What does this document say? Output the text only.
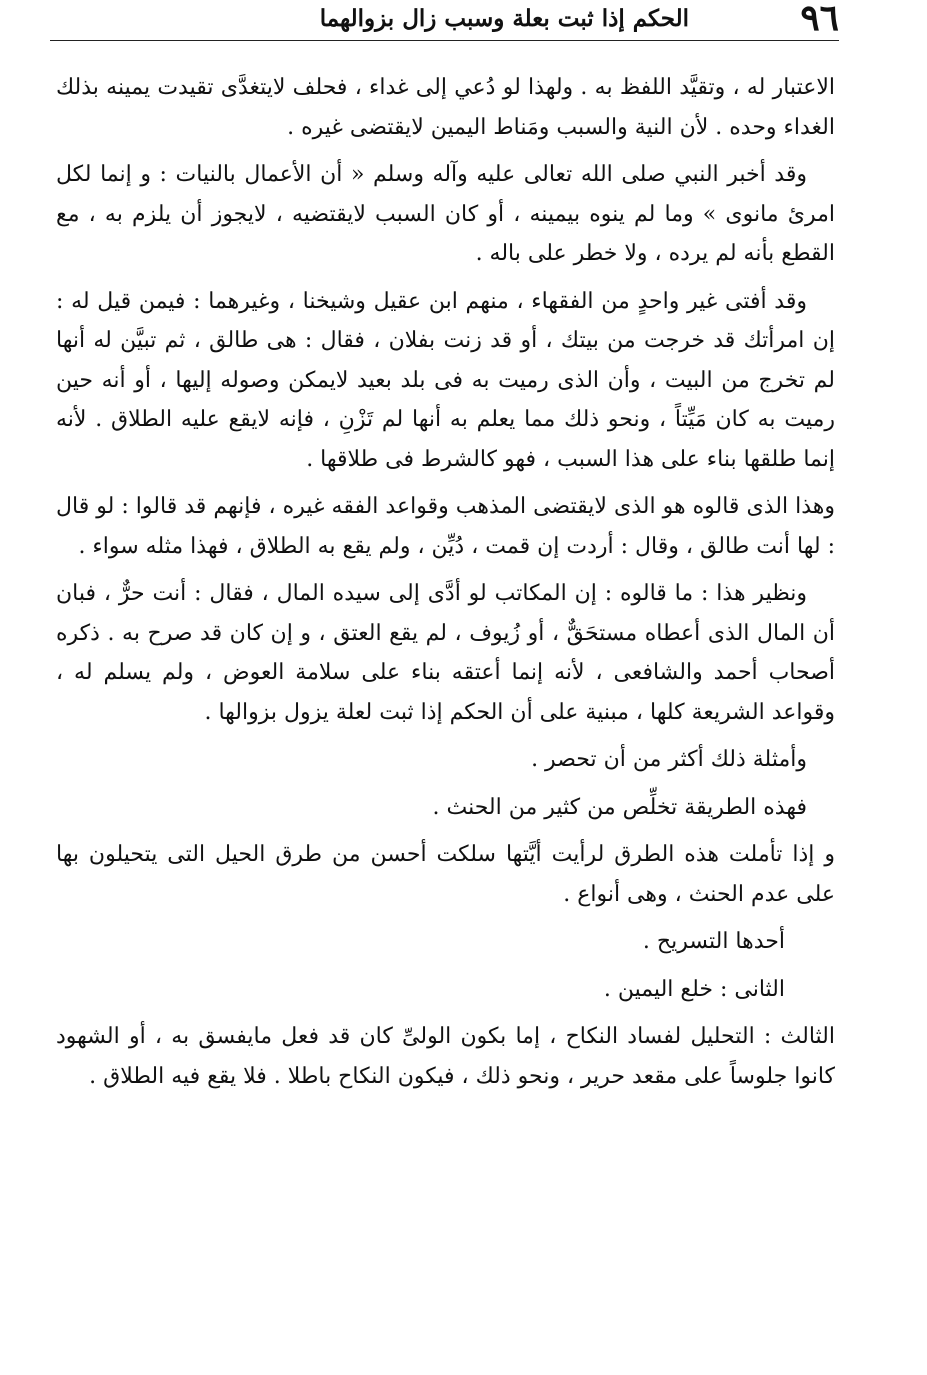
٩٦
الحكم إذا ثبت بعلة وسبب زال بزوالهما

الاعتبار له ، وتقيَّد اللفظ به . ولهذا لو دُعي إلى غداء ، فحلف لايتغدَّى تقيدت يمينه بذلك الغداء وحده . لأن النية والسبب ومَناط اليمين لايقتضى غيره .

وقد أخبر النبي صلى الله تعالى عليه وآله وسلم « أن الأعمال بالنيات : و إنما لكل امرئ مانوى » وما لم ينوه بيمينه ، أو كان السبب لايقتضيه ، لايجوز أن يلزم به ، مع القطع بأنه لم يرده ، ولا خطر على باله .

وقد أفتى غير واحدٍ من الفقهاء ، منهم ابن عقيل وشيخنا ، وغيرهما : فيمن قيل له : إن امرأتك قد خرجت من بيتك ، أو قد زنت بفلان ، فقال : هى طالق ، ثم تبيَّن له أنها لم تخرج من البيت ، وأن الذى رميت به فى بلد بعيد لايمكن وصوله إليها ، أو أنه حين رميت به كان مَيِّتاً ، ونحو ذلك مما يعلم به أنها لم تَزْنِ ، فإنه لايقع عليه الطلاق . لأنه إنما طلقها بناء على هذا السبب ، فهو كالشرط فى طلاقها .

وهذا الذى قالوه هو الذى لايقتضى المذهب وقواعد الفقه غيره ، فإنهم قد قالوا : لو قال : لها أنت طالق ، وقال : أردت إن قمت ، دُيِّن ، ولم يقع به الطلاق ، فهذا مثله سواء .

ونظير هذا : ما قالوه : إن المكاتب لو أدَّى إلى سيده المال ، فقال : أنت حرٌّ ، فبان أن المال الذى أعطاه مستحَقٌّ ، أو زُيوف ، لم يقع العتق ، و إن كان قد صرح به . ذكره أصحاب أحمد والشافعى ، لأنه إنما أعتقه بناء على سلامة العوض ، ولم يسلم له ، وقواعد الشريعة كلها ، مبنية على أن الحكم إذا ثبت لعلة يزول بزوالها .

وأمثلة ذلك أكثر من أن تحصر .

فهذه الطريقة تخلِّص من كثير من الحنث .

و إذا تأملت هذه الطرق لرأيت أيَّتها سلكت أحسن من طرق الحيل التى يتحيلون بها على عدم الحنث ، وهى أنواع .

أحدها التسريح .

الثانى : خلع اليمين .

الثالث : التحليل لفساد النكاح ، إما بكون الولىِّ كان قد فعل مايفسق به ، أو الشهود كانوا جلوساً على مقعد حرير ، ونحو ذلك ، فيكون النكاح باطلا . فلا يقع فيه الطلاق .
